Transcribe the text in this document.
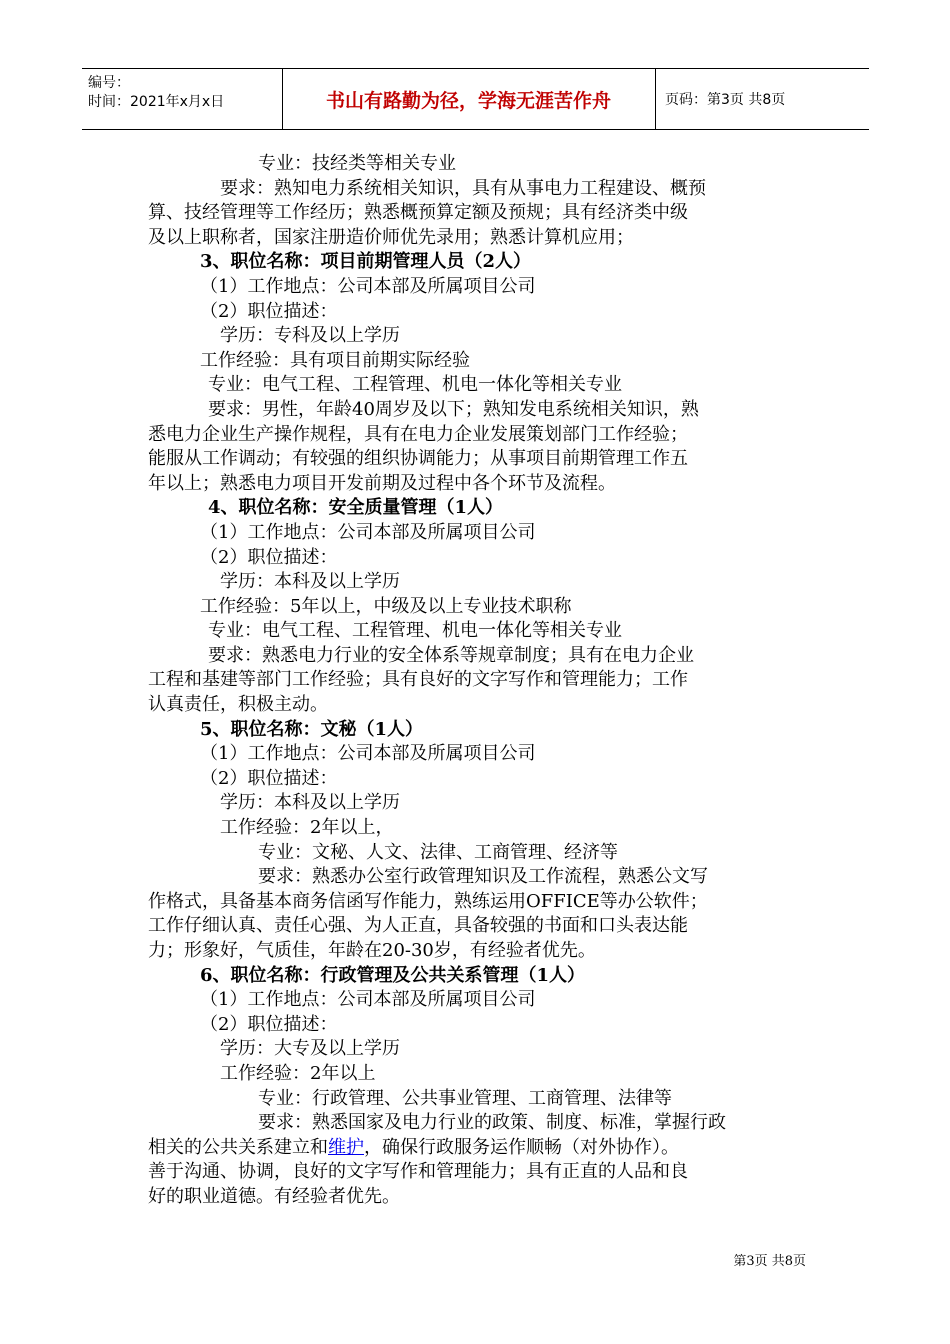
编号：
时间：2021年x月x日	书山有路勤为径，学海无涯苦作舟	页码：第3页 共8页
专业：技经类等相关专业
要求：熟知电力系统相关知识，具有从事电力工程建设、概预
算、技经管理等工作经历；熟悉概预算定额及预规；具有经济类中级
及以上职称者，国家注册造价师优先录用；熟悉计算机应用；
3、职位名称：项目前期管理人员（2人）
（1）工作地点：公司本部及所属项目公司
（2）职位描述：
学历：专科及以上学历
工作经验：具有项目前期实际经验
专业：电气工程、工程管理、机电一体化等相关专业
要求：男性，年龄40周岁及以下；熟知发电系统相关知识，熟
悉电力企业生产操作规程，具有在电力企业发展策划部门工作经验；
能服从工作调动；有较强的组织协调能力；从事项目前期管理工作五
年以上；熟悉电力项目开发前期及过程中各个环节及流程。
4、职位名称：安全质量管理（1人）
（1）工作地点：公司本部及所属项目公司
（2）职位描述：
学历：本科及以上学历
工作经验：5年以上，中级及以上专业技术职称
专业：电气工程、工程管理、机电一体化等相关专业
要求：熟悉电力行业的安全体系等规章制度；具有在电力企业
工程和基建等部门工作经验；具有良好的文字写作和管理能力；工作
认真责任，积极主动。
5、职位名称：文秘（1人）
（1）工作地点：公司本部及所属项目公司
（2）职位描述：
学历：本科及以上学历
工作经验：2年以上，
专业：文秘、人文、法律、工商管理、经济等
要求：熟悉办公室行政管理知识及工作流程，熟悉公文写
作格式，具备基本商务信函写作能力，熟练运用OFFICE等办公软件；
工作仔细认真、责任心强、为人正直，具备较强的书面和口头表达能
力；形象好，气质佳，年龄在20-30岁，有经验者优先。
6、职位名称：行政管理及公共关系管理（1人）
（1）工作地点：公司本部及所属项目公司
（2）职位描述：
学历：大专及以上学历
工作经验：2年以上
专业：行政管理、公共事业管理、工商管理、法律等
要求：熟悉国家及电力行业的政策、制度、标准，掌握行政
相关的公共关系建立和维护，确保行政服务运作顺畅（对外协作）。
善于沟通、协调，良好的文字写作和管理能力；具有正直的人品和良
好的职业道德。有经验者优先。
第3页 共8页
